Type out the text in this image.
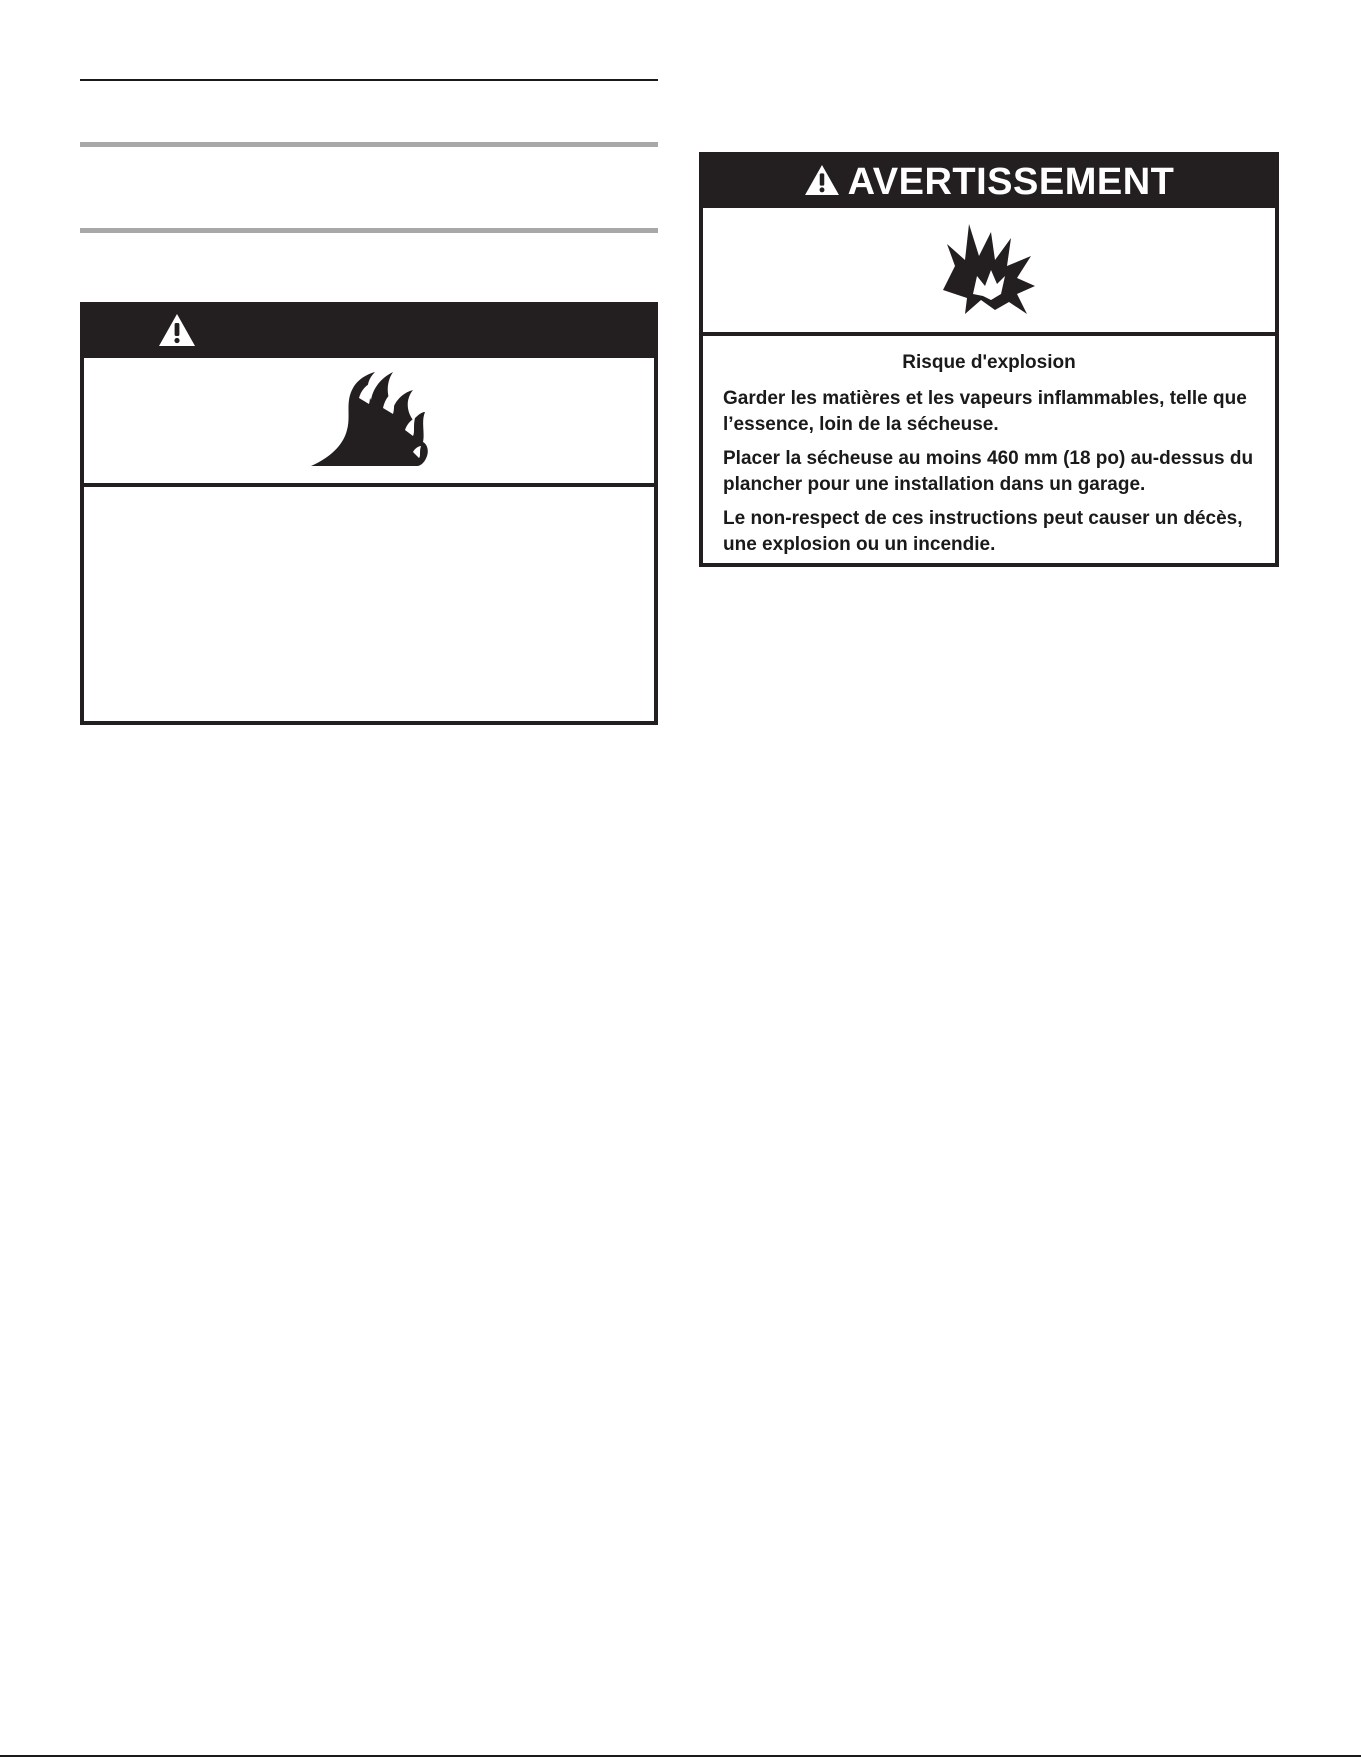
AVERTISSEMENT

Risque d'explosion

Garder les matières et les vapeurs inflammables, telle que l’essence, loin de la sécheuse.

Placer la sécheuse au moins 460 mm (18 po) au-dessus du plancher pour une installation dans un garage.

Le non-respect de ces instructions peut causer un décès, une explosion ou un incendie.
